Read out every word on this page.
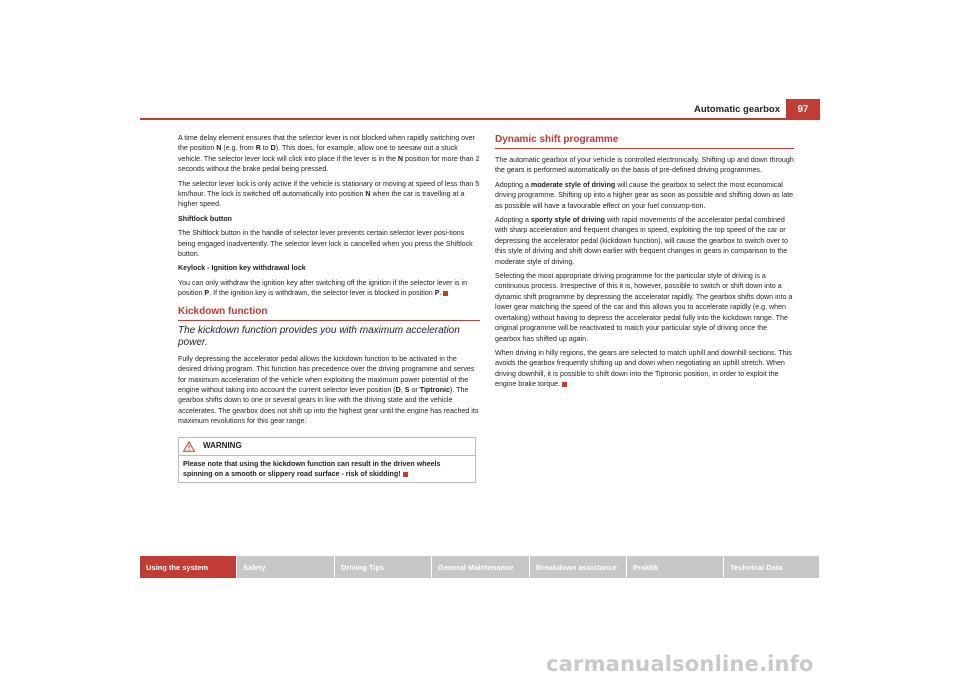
Automatic gearbox	97

A time delay element ensures that the selector lever is not blocked when rapidly switching over the position N (e.g. from R to D). This does, for example, allow one to seesaw out a stuck vehicle. The selector lever lock will click into place if the lever is in the N position for more than 2 seconds without the brake pedal being pressed.

The selector lever lock is only active if the vehicle is stationary or moving at speed of less than 5 km/hour. The lock is switched off automatically into position N when the car is travelling at a higher speed.

Shiftlock button

The Shiftlock button in the handle of selector lever prevents certain selector lever posi-tions being engaged inadvertently. The selector lever lock is cancelled when you press the Shiftlock button.

Keylock - Ignition key withdrawal lock

You can only withdraw the ignition key after switching off the ignition if the selector lever is in position P. If the ignition key is withdrawn, the selector lever is blocked in position P.

Kickdown function
The kickdown function provides you with maximum acceleration power.

Fully depressing the accelerator pedal allows the kickdown function to be activated in the desired driving program. This function has precedence over the driving programme and serves for maximum acceleration of the vehicle when exploiting the maximum power potential of the engine without taking into account the current selector lever position (D, S or Tiptronic). The gearbox shifts down to one or several gears in line with the driving state and the vehicle accelerates. The gearbox does not shift up into the highest gear until the engine has reached its maximum revolutions for this gear range.

WARNING
Please note that using the kickdown function can result in the driven wheels spinning on a smooth or slippery road surface - risk of skidding!
Dynamic shift programme

The automatic gearbox of your vehicle is controlled electronically. Shifting up and down through the gears is performed automatically on the basis of pre-defined driving programmes.

Adopting a moderate style of driving will cause the gearbox to select the most economical driving programme. Shifting up into a higher gear as soon as possible and shifting down as late as possible will have a favourable effect on your fuel consump-tion.

Adopting a sporty style of driving with rapid movements of the accelerator pedal combined with sharp acceleration and frequent changes in speed, exploiting the top speed of the car or depressing the accelerator pedal (kickdown function), will cause the gearbox to switch over to this style of driving and shift down earlier with frequent changes in gears in comparison to the moderate style of driving.

Selecting the most appropriate driving programme for the particular style of driving is a continuous process. Irrespective of this it is, however, possible to switch or shift down into a dynamic shift programme by depressing the accelerator rapidly. The gearbox shifts down into a lower gear matching the speed of the car and this allows you to accelerate rapidly (e.g. when overtaking) without having to depress the accelerator pedal fully into the kickdown range. The original programme will be reactivated to match your particular style of driving once the gearbox has shifted up again.

When driving in hilly regions, the gears are selected to match uphill and downhill sections. This avoids the gearbox frequently shifting up and down when negotiating an uphill stretch. When driving downhill, it is possible to shift down into the Tiptronic position, in order to exploit the engine brake torque.

Using the system	Safety	Driving Tips	General Maintenance	Breakdown assistance	Praktik	Technical Data
carmanualsonline.info
